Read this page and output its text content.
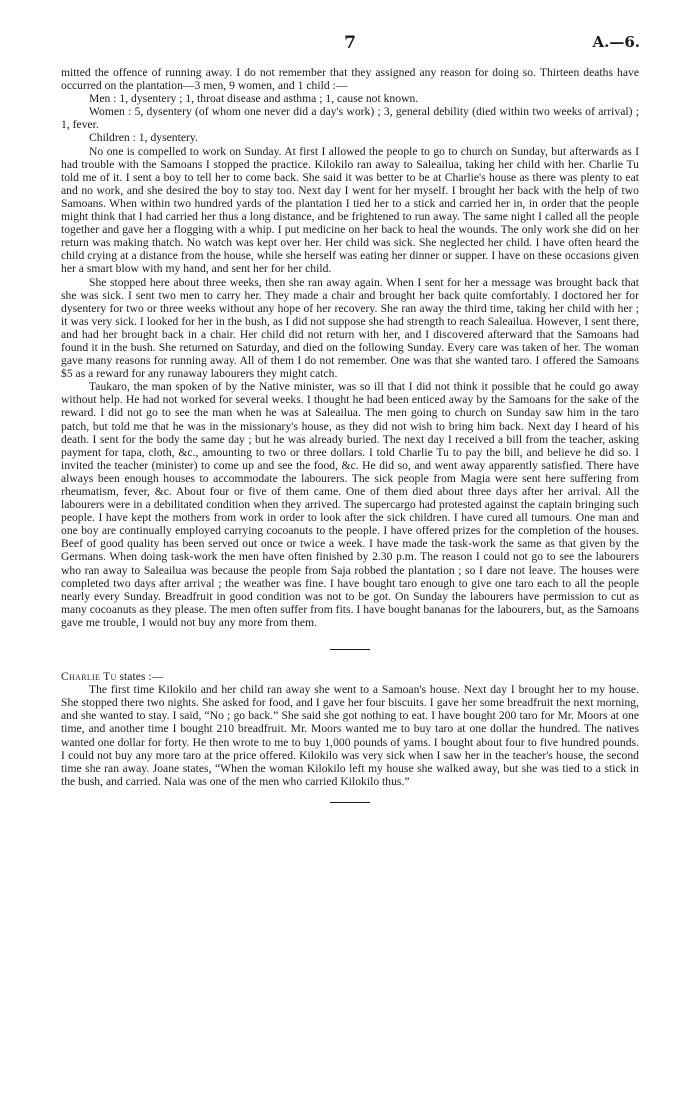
7	A.—6.

mitted the offence of running away. I do not remember that they assigned any reason for doing so. Thirteen deaths have occurred on the plantation—3 men, 9 women, and 1 child :—

Men : 1, dysentery ; 1, throat disease and asthma ; 1, cause not known.

Women : 5, dysentery (of whom one never did a day's work) ; 3, general debility (died within two weeks of arrival) ; 1, fever.

Children : 1, dysentery.

No one is compelled to work on Sunday. At first I allowed the people to go to church on Sunday, but afterwards as I had trouble with the Samoans I stopped the practice. Kilokilo ran away to Saleailua, taking her child with her. Charlie Tu told me of it. I sent a boy to tell her to come back. She said it was better to be at Charlie's house as there was plenty to eat and no work, and she desired the boy to stay too. Next day I went for her myself. I brought her back with the help of two Samoans. When within two hundred yards of the plantation I tied her to a stick and carried her in, in order that the people might think that I had carried her thus a long distance, and be frightened to run away. The same night I called all the people together and gave her a flogging with a whip. I put medicine on her back to heal the wounds. The only work she did on her return was making thatch. No watch was kept over her. Her child was sick. She neglected her child. I have often heard the child crying at a distance from the house, while she herself was eating her dinner or supper. I have on these occasions given her a smart blow with my hand, and sent her for her child.

She stopped here about three weeks, then she ran away again. When I sent for her a message was brought back that she was sick. I sent two men to carry her. They made a chair and brought her back quite comfortably. I doctored her for dysentery for two or three weeks without any hope of her recovery. She ran away the third time, taking her child with her ; it was very sick. I looked for her in the bush, as I did not suppose she had strength to reach Saleailua. However, I sent there, and had her brought back in a chair. Her child did not return with her, and I discovered afterward that the Samoans had found it in the bush. She returned on Saturday, and died on the following Sunday. Every care was taken of her. The woman gave many reasons for running away. All of them I do not remember. One was that she wanted taro. I offered the Samoans $5 as a reward for any runaway labourers they might catch.

Taukaro, the man spoken of by the Native minister, was so ill that I did not think it possible that he could go away without help. He had not worked for several weeks. I thought he had been enticed away by the Samoans for the sake of the reward. I did not go to see the man when he was at Saleailua. The men going to church on Sunday saw him in the taro patch, but told me that he was in the missionary's house, as they did not wish to bring him back. Next day I heard of his death. I sent for the body the same day ; but he was already buried. The next day I received a bill from the teacher, asking payment for tapa, cloth, &c., amounting to two or three dollars. I told Charlie Tu to pay the bill, and believe he did so. I invited the teacher (minister) to come up and see the food, &c. He did so, and went away apparently satisfied. There have always been enough houses to accommodate the labourers. The sick people from Magia were sent here suffering from rheumatism, fever, &c. About four or five of them came. One of them died about three days after her arrival. All the labourers were in a debilitated condition when they arrived. The supercargo had protested against the captain bringing such people. I have kept the mothers from work in order to look after the sick children. I have cured all tumours. One man and one boy are continually employed carrying cocoanuts to the people. I have offered prizes for the completion of the houses. Beef of good quality has been served out once or twice a week. I have made the task-work the same as that given by the Germans. When doing task-work the men have often finished by 2.30 p.m. The reason I could not go to see the labourers who ran away to Saleailua was because the people from Saja robbed the plantation ; so I dare not leave. The houses were completed two days after arrival ; the weather was fine. I have bought taro enough to give one taro each to all the people nearly every Sunday. Breadfruit in good condition was not to be got. On Sunday the labourers have permission to cut as many cocoanuts as they please. The men often suffer from fits. I have bought bananas for the labourers, but, as the Samoans gave me trouble, I would not buy any more from them.

Charlie Tu states :—

The first time Kilokilo and her child ran away she went to a Samoan's house. Next day I brought her to my house. She stopped there two nights. She asked for food, and I gave her four biscuits. I gave her some breadfruit the next morning, and she wanted to stay. I said, “No ; go back.” She said she got nothing to eat. I have bought 200 taro for Mr. Moors at one time, and another time I bought 210 breadfruit. Mr. Moors wanted me to buy taro at one dollar the hundred. The natives wanted one dollar for forty. He then wrote to me to buy 1,000 pounds of yams. I bought about four to five hundred pounds. I could not buy any more taro at the price offered. Kilokilo was very sick when I saw her in the teacher's house, the second time she ran away. Joane states, “When the woman Kilokilo left my house she walked away, but she was tied to a stick in the bush, and carried. Naia was one of the men who carried Kilokilo thus.”
